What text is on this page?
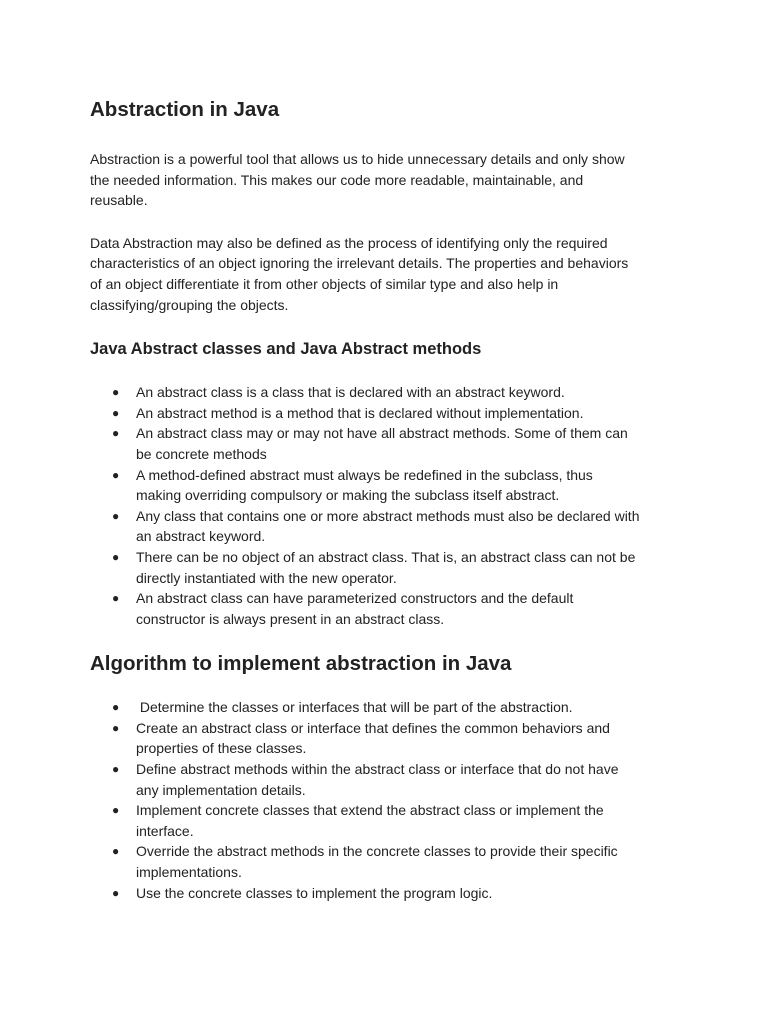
Abstraction in Java

Abstraction is a powerful tool that allows us to hide unnecessary details and only show the needed information. This makes our code more readable, maintainable, and reusable.

Data Abstraction may also be defined as the process of identifying only the required characteristics of an object ignoring the irrelevant details. The properties and behaviors of an object differentiate it from other objects of similar type and also help in classifying/grouping the objects.

Java Abstract classes and Java Abstract methods
● An abstract class is a class that is declared with an abstract keyword.
● An abstract method is a method that is declared without implementation.
● An abstract class may or may not have all abstract methods. Some of them can be concrete methods
● A method-defined abstract must always be redefined in the subclass, thus making overriding compulsory or making the subclass itself abstract.
● Any class that contains one or more abstract methods must also be declared with an abstract keyword.
● There can be no object of an abstract class. That is, an abstract class can not be directly instantiated with the new operator.
● An abstract class can have parameterized constructors and the default constructor is always present in an abstract class.
Algorithm to implement abstraction in Java
● Determine the classes or interfaces that will be part of the abstraction.
● Create an abstract class or interface that defines the common behaviors and properties of these classes.
● Define abstract methods within the abstract class or interface that do not have any implementation details.
● Implement concrete classes that extend the abstract class or implement the interface.
● Override the abstract methods in the concrete classes to provide their specific implementations.
● Use the concrete classes to implement the program logic.
